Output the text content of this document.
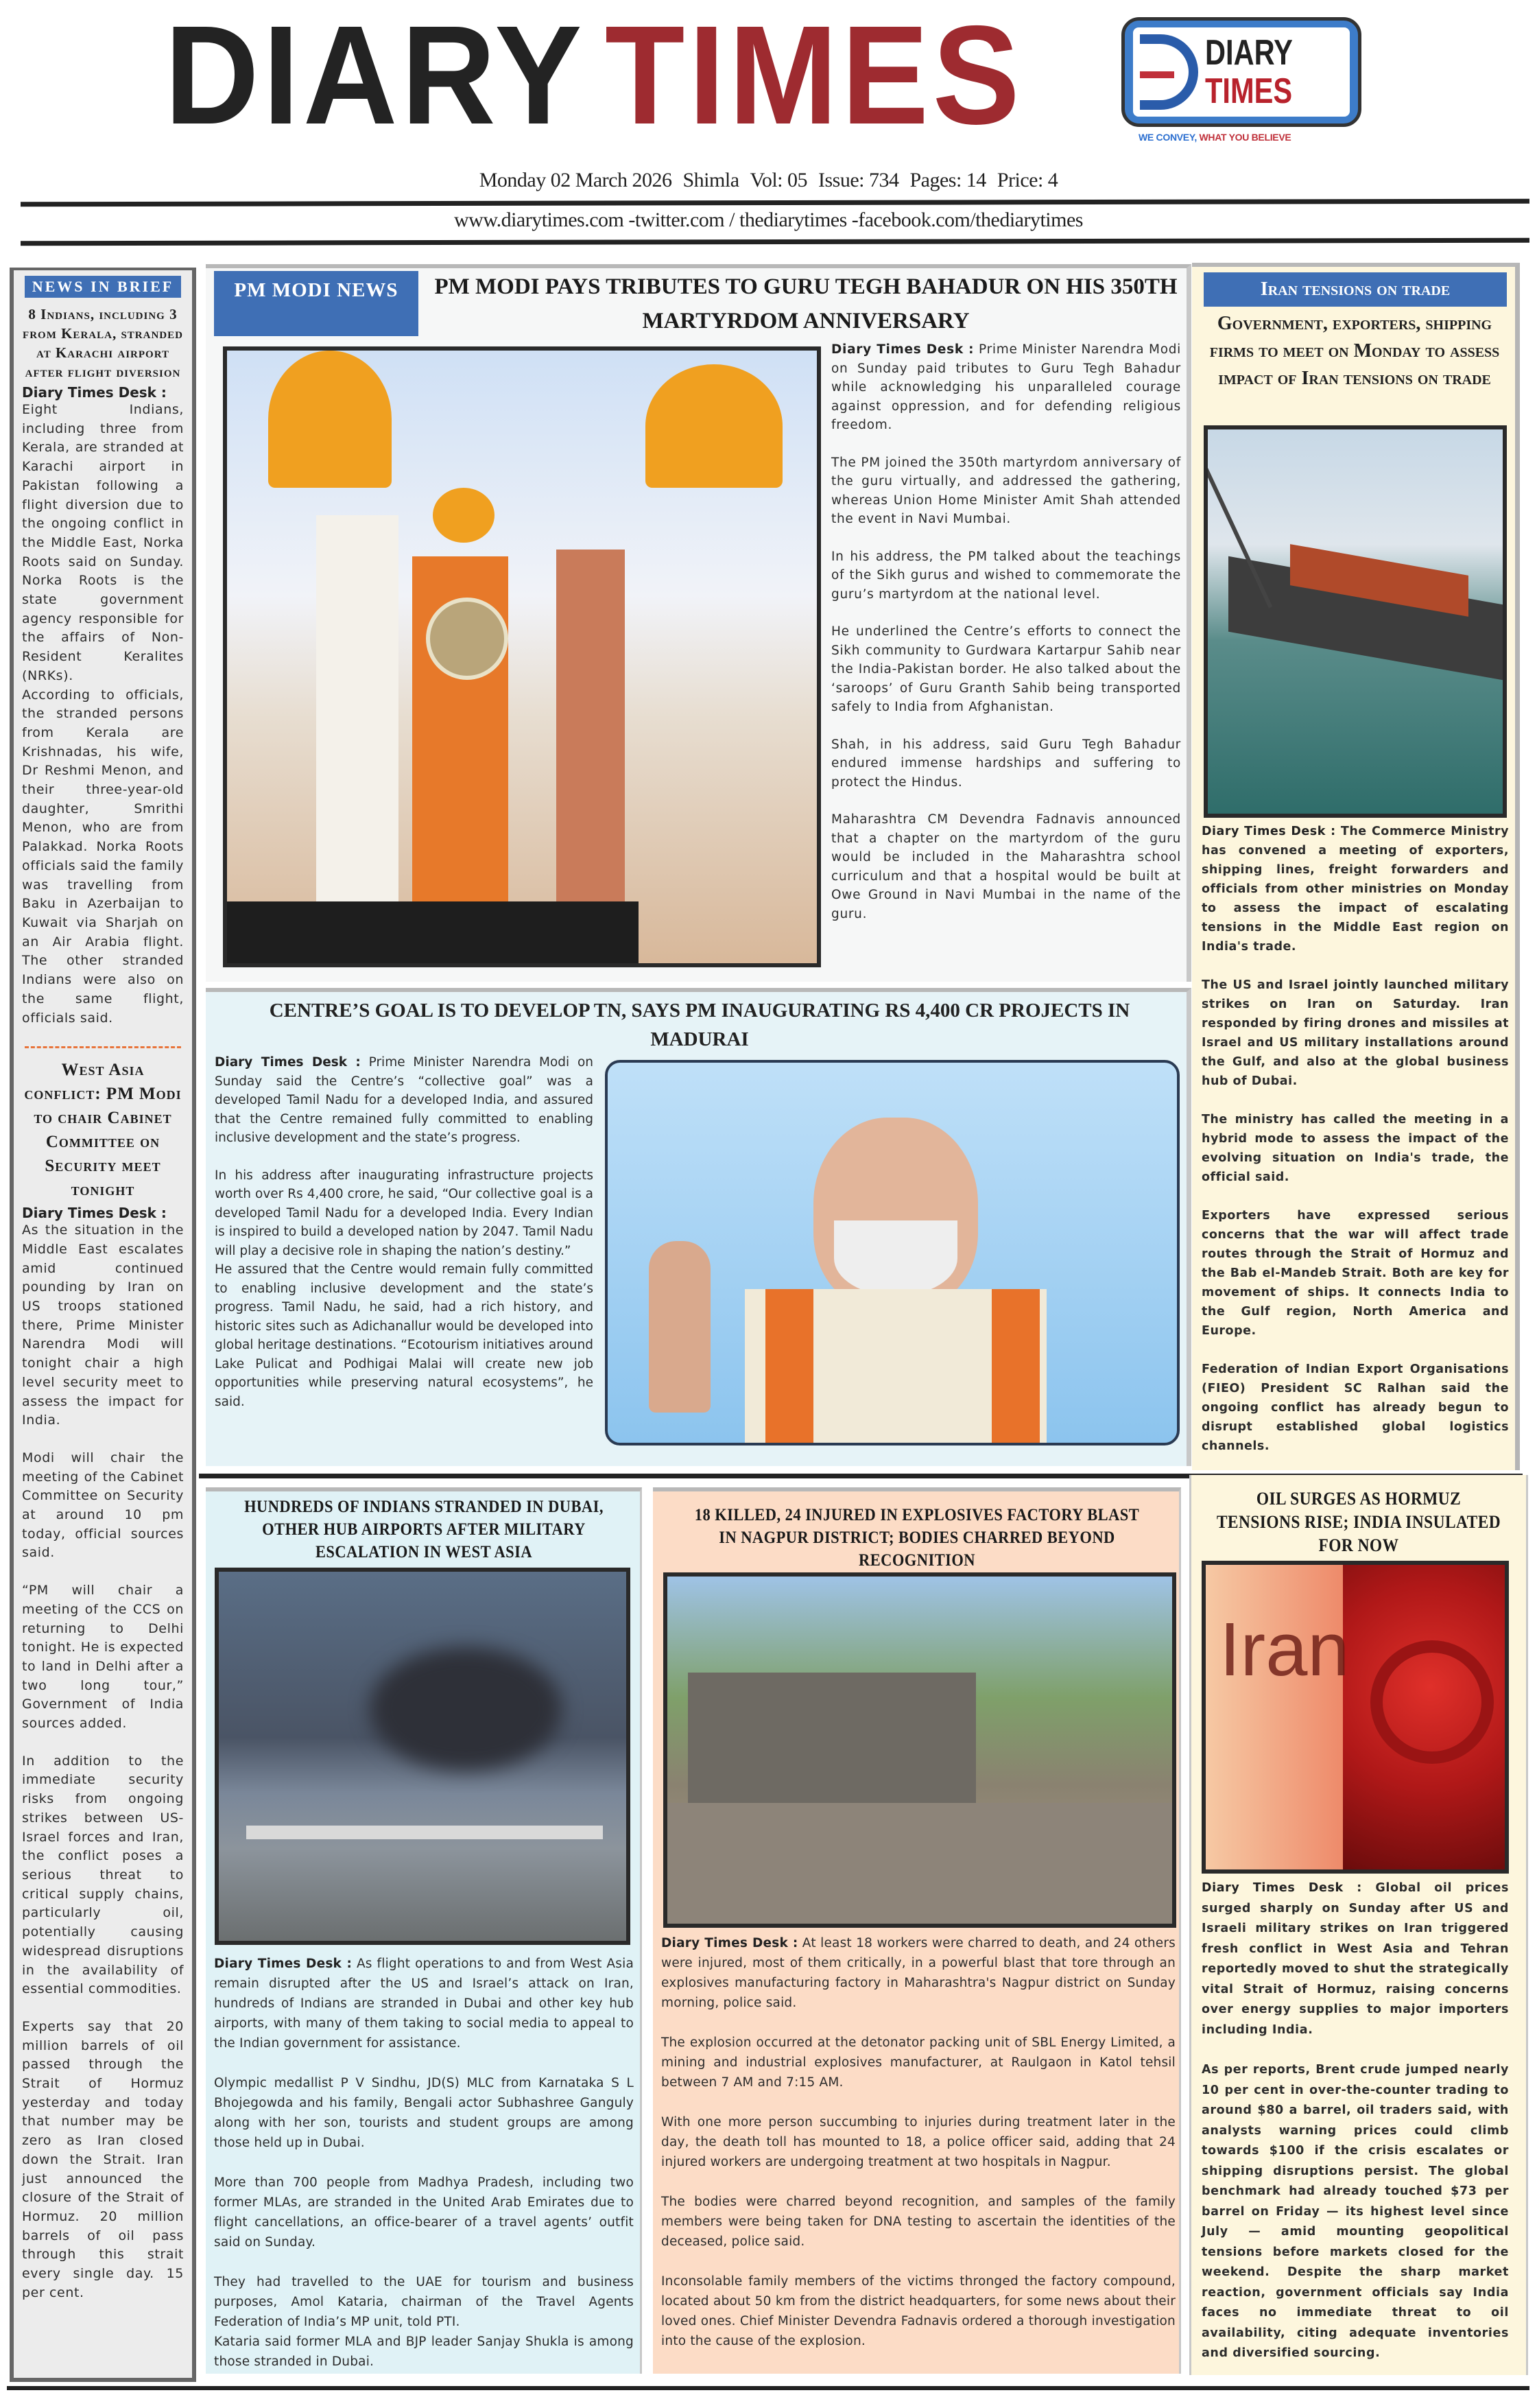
DIARY TIMES	DIARY
TIMES
WE CONVEY, WHAT YOU BELIEVE
Monday 02 March 2026 Shimla Vol: 05 Issue: 734 Pages: 14 Price: 4
www.diarytimes.com -twitter.com / thediarytimes -facebook.com/thediarytimes
NEWS IN BRIEF
8 Indians, including 3 from Kerala, stranded at Karachi airport after flight diversion
Diary Times Desk :

Eight Indians, including three from Kerala, are stranded at Karachi airport in Pakistan following a flight diversion due to the ongoing conflict in the Middle East, Norka Roots said on Sunday. Norka Roots is the state government agency responsible for the affairs of Non-Resident Keralites (NRKs).

According to officials, the stranded persons from Kerala are Krishnadas, his wife, Dr Reshmi Menon, and their three-year-old daughter, Smrithi Menon, who are from Palakkad. Norka Roots officials said the family was travelling from Baku in Azerbaijan to Kuwait via Sharjah on an Air Arabia flight. The other stranded Indians were also on the same flight, officials said.

West Asia conflict: PM Modi to chair Cabinet Committee on Security meet tonight
Diary Times Desk :

As the situation in the Middle East escalates amid continued pounding by Iran on US troops stationed there, Prime Minister Narendra Modi will tonight chair a high level security meet to assess the impact for India.

Modi will chair the meeting of the Cabinet Committee on Security at around 10 pm today, official sources said.

“PM will chair a meeting of the CCS on returning to Delhi tonight. He is expected to land in Delhi after a two long tour,” Government of India sources added.

In addition to the immediate security risks from ongoing strikes between US-Israel forces and Iran, the conflict poses a serious threat to critical supply chains, particularly oil, potentially causing widespread disruptions in the availability of essential commodities.

Experts say that 20 million barrels of oil passed through the Strait of Hormuz yesterday and today that number may be zero as Iran closed down the Strait. Iran just announced the closure of the Strait of Hormuz. 20 million barrels of oil pass through this strait every single day. 15 per cent.

PM MODI NEWS	PM MODI PAYS TRIBUTES TO GURU TEGH BAHADUR ON HIS 350TH MARTYRDOM ANNIVERSARY

Diary Times Desk : Prime Minister Narendra Modi on Sunday paid tributes to Guru Tegh Bahadur while acknowledging his unparalleled courage against oppression, and for defending religious freedom.

The PM joined the 350th martyrdom anniversary of the guru virtually, and addressed the gathering, whereas Union Home Minister Amit Shah attended the event in Navi Mumbai.

In his address, the PM talked about the teachings of the Sikh gurus and wished to commemorate the guru’s martyrdom at the national level.

He underlined the Centre’s efforts to connect the Sikh community to Gurdwara Kartarpur Sahib near the India-Pakistan border. He also talked about the ‘saroops’ of Guru Granth Sahib being transported safely to India from Afghanistan.

Shah, in his address, said Guru Tegh Bahadur endured immense hardships and suffering to protect the Hindus.

Maharashtra CM Devendra Fadnavis announced that a chapter on the martyrdom of the guru would be included in the Maharashtra school curriculum and that a hospital would be built at Owe Ground in Navi Mumbai in the name of the guru.

CENTRE’S GOAL IS TO DEVELOP TN, SAYS PM INAUGURATING RS 4,400 CR PROJECTS IN MADURAI

Diary Times Desk : Prime Minister Narendra Modi on Sunday said the Centre’s “collective goal” was a developed Tamil Nadu for a developed India, and assured that the Centre remained fully committed to enabling inclusive development and the state’s progress.

In his address after inaugurating infrastructure projects worth over Rs 4,400 crore, he said, “Our collective goal is a developed Tamil Nadu for a developed India. Every Indian is inspired to build a developed nation by 2047. Tamil Nadu will play a decisive role in shaping the nation’s destiny.”

He assured that the Centre would remain fully committed to enabling inclusive development and the state’s progress. Tamil Nadu, he said, had a rich history, and historic sites such as Adichanallur would be developed into global heritage destinations. “Ecotourism initiatives around Lake Pulicat and Podhigai Malai will create new job opportunities while preserving natural ecosystems”, he said.

Iran tensions on trade
Government, exporters, shipping firms to meet on Monday to assess impact of Iran tensions on trade

Diary Times Desk : The Commerce Ministry has convened a meeting of exporters, shipping lines, freight forwarders and officials from other ministries on Monday to assess the impact of escalating tensions in the Middle East region on India's trade.

The US and Israel jointly launched military strikes on Iran on Saturday. Iran responded by firing drones and missiles at Israel and US military installations around the Gulf, and also at the global business hub of Dubai.

The ministry has called the meeting in a hybrid mode to assess the impact of the evolving situation on India's trade, the official said.

Exporters have expressed serious concerns that the war will affect trade routes through the Strait of Hormuz and the Bab el-Mandeb Strait. Both are key for movement of ships. It connects India to the Gulf region, North America and Europe.

Federation of Indian Export Organisations (FIEO) President SC Ralhan said the ongoing conflict has already begun to disrupt established global logistics channels.

HUNDREDS OF INDIANS STRANDED IN DUBAI, OTHER HUB AIRPORTS AFTER MILITARY ESCALATION IN WEST ASIA

Diary Times Desk : As flight operations to and from West Asia remain disrupted after the US and Israel’s attack on Iran, hundreds of Indians are stranded in Dubai and other key hub airports, with many of them taking to social media to appeal to the Indian government for assistance.

Olympic medallist P V Sindhu, JD(S) MLC from Karnataka S L Bhojegowda and his family, Bengali actor Subhashree Ganguly along with her son, tourists and student groups are among those held up in Dubai.

More than 700 people from Madhya Pradesh, including two former MLAs, are stranded in the United Arab Emirates due to flight cancellations, an office-bearer of a travel agents’ outfit said on Sunday.

They had travelled to the UAE for tourism and business purposes, Amol Kataria, chairman of the Travel Agents Federation of India’s MP unit, told PTI.

Kataria said former MLA and BJP leader Sanjay Shukla is among those stranded in Dubai.

18 KILLED, 24 INJURED IN EXPLOSIVES FACTORY BLAST IN NAGPUR DISTRICT; BODIES CHARRED BEYOND RECOGNITION

Diary Times Desk : At least 18 workers were charred to death, and 24 others were injured, most of them critically, in a powerful blast that tore through an explosives manufacturing factory in Maharashtra's Nagpur district on Sunday morning, police said.

The explosion occurred at the detonator packing unit of SBL Energy Limited, a mining and industrial explosives manufacturer, at Raulgaon in Katol tehsil between 7 AM and 7:15 AM.

With one more person succumbing to injuries during treatment later in the day, the death toll has mounted to 18, a police officer said, adding that 24 injured workers are undergoing treatment at two hospitals in Nagpur.

The bodies were charred beyond recognition, and samples of the family members were being taken for DNA testing to ascertain the identities of the deceased, police said.

Inconsolable family members of the victims thronged the factory compound, located about 50 km from the district headquarters, for some news about their loved ones. Chief Minister Devendra Fadnavis ordered a thorough investigation into the cause of the explosion.

OIL SURGES AS HORMUZ TENSIONS RISE; INDIA INSULATED FOR NOW
Iran

Diary Times Desk : Global oil prices surged sharply on Sunday after US and Israeli military strikes on Iran triggered fresh conflict in West Asia and Tehran reportedly moved to shut the strategically vital Strait of Hormuz, raising concerns over energy supplies to major importers including India.

As per reports, Brent crude jumped nearly 10 per cent in over-the-counter trading to around $80 a barrel, oil traders said, with analysts warning prices could climb towards $100 if the crisis escalates or shipping disruptions persist. The global benchmark had already touched $73 per barrel on Friday — its highest level since July — amid mounting geopolitical tensions before markets closed for the weekend. Despite the sharp market reaction, government officials say India faces no immediate threat to oil availability, citing adequate inventories and diversified sourcing.
